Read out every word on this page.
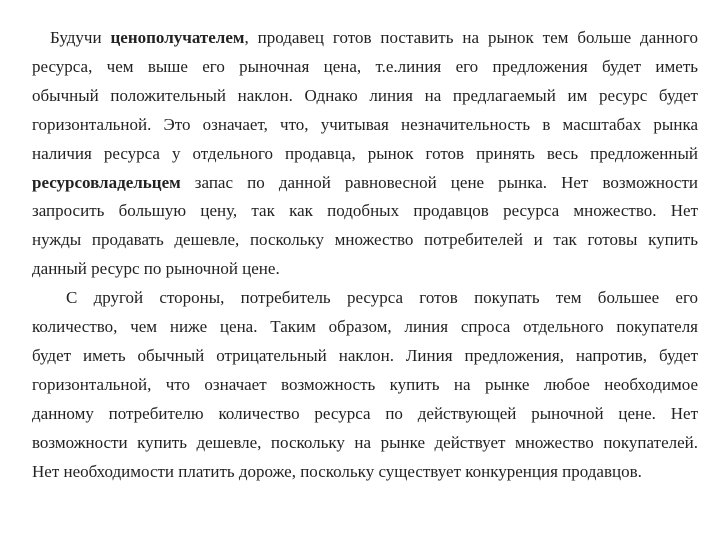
Будучи ценополучателем, продавец готов поставить на рынок тем больше данного
ресурса, чем выше его рыночная цена, т.е.линия его предложения будет иметь
обычный положительный наклон. Однако линия на предлагаемый им ресурс будет
горизонтальной. Это означает, что, учитывая незначительность в масштабах рынка
наличия ресурса у отдельного продавца, рынок готов принять весь предложенный
ресурсовладельцем запас по данной равновесной цене рынка. Нет возможности
запросить большую цену, так как подобных продавцов ресурса множество. Нет
нужды продавать дешевле, поскольку множество потребителей и так готовы купить
данный ресурс по рыночной цене.

С другой стороны, потребитель ресурса готов покупать тем большее его
количество, чем ниже цена. Таким образом, линия спроса отдельного покупателя
будет иметь обычный отрицательный наклон. Линия предложения, напротив, будет
горизонтальной, что означает возможность купить на рынке любое необходимое
данному потребителю количество ресурса по действующей рыночной цене. Нет
возможности купить дешевле, поскольку на рынке действует множество покупателей.
Нет необходимости платить дороже, поскольку существует конкуренция продавцов.
